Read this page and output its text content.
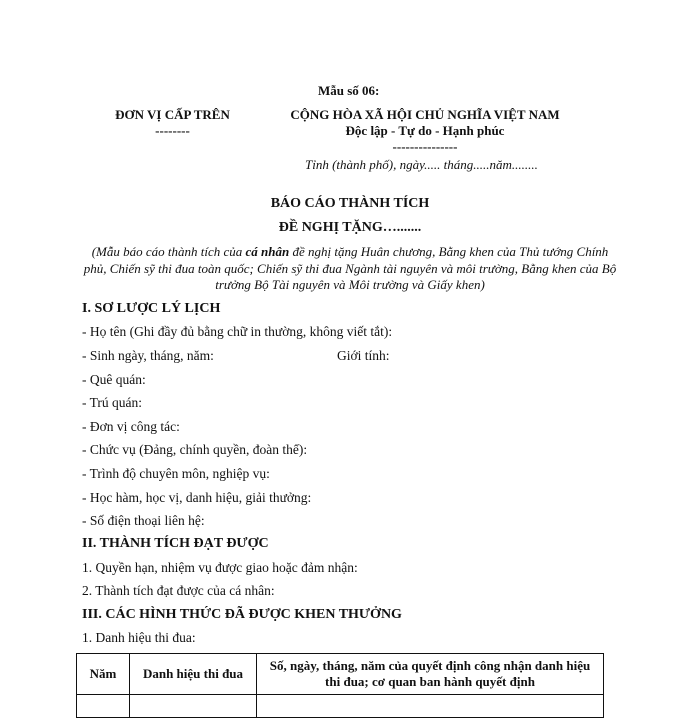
Mẫu số 06:
ĐƠN VỊ CẤP TRÊN
--------
CỘNG HÒA XÃ HỘI CHỦ NGHĨA VIỆT NAM
Độc lập - Tự do - Hạnh phúc
---------------
Tỉnh (thành phố), ngày..... tháng.....năm........
BÁO CÁO THÀNH TÍCH
ĐỀ NGHỊ TẶNG….......
(Mẫu báo cáo thành tích của cá nhân đề nghị tặng Huân chương, Bằng khen của Thủ tướng Chính phủ, Chiến sỹ thi đua toàn quốc; Chiến sỹ thi đua Ngành tài nguyên và môi trường, Bằng khen của Bộ trưởng Bộ Tài nguyên và Môi trường và Giấy khen)
I. SƠ LƯỢC LÝ LỊCH
- Họ tên (Ghi đầy đủ bằng chữ in thường, không viết tắt):
- Sinh ngày, tháng, năm:	Giới tính:
- Quê quán:
- Trú quán:
- Đơn vị công tác:
- Chức vụ (Đảng, chính quyền, đoàn thể):
- Trình độ chuyên môn, nghiệp vụ:
- Học hàm, học vị, danh hiệu, giải thưởng:
- Số điện thoại liên hệ:
II. THÀNH TÍCH ĐẠT ĐƯỢC
1. Quyền hạn, nhiệm vụ được giao hoặc đảm nhận:
2. Thành tích đạt được của cá nhân:
III. CÁC HÌNH THỨC ĐÃ ĐƯỢC KHEN THƯỞNG
1. Danh hiệu thi đua:
Năm	Danh hiệu thi đua	Số, ngày, tháng, năm của quyết định công nhận danh hiệu thi đua; cơ quan ban hành quyết định
